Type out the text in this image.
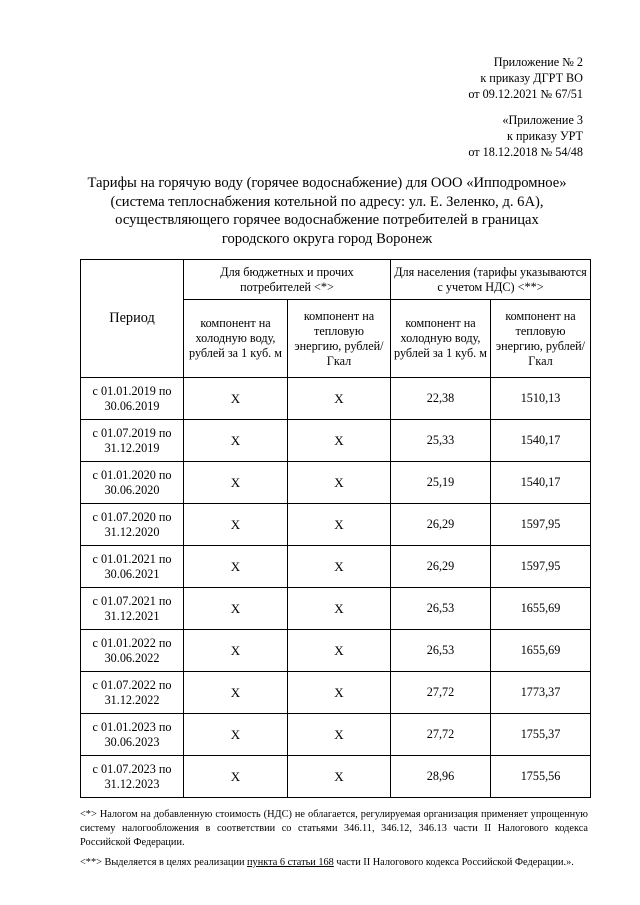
Приложение № 2
к приказу ДГРТ ВО
от 09.12.2021 № 67/51
«Приложение 3
к приказу УРТ
от 18.12.2018 № 54/48
Тарифы на горячую воду (горячее водоснабжение) для ООО «Ипподромное»
(система теплоснабжения котельной по адресу: ул. Е. Зеленко, д. 6А),
осуществляющего горячее водоснабжение потребителей в границах
городского округа город Воронеж
Период	Для бюджетных и прочих потребителей <*>		Для населения (тарифы указываются с учетом НДС) <**>	
	компонент на холодную воду, рублей за 1 куб. м	компонент на тепловую энергию, рублей/Гкал	компонент на холодную воду, рублей за 1 куб. м	компонент на тепловую энергию, рублей/Гкал
с 01.01.2019 по 30.06.2019	Х	Х	22,38	1510,13
с 01.07.2019 по 31.12.2019	Х	Х	25,33	1540,17
с 01.01.2020 по 30.06.2020	Х	Х	25,19	1540,17
с 01.07.2020 по 31.12.2020	Х	Х	26,29	1597,95
с 01.01.2021 по 30.06.2021	Х	Х	26,29	1597,95
с 01.07.2021 по 31.12.2021	Х	Х	26,53	1655,69
с 01.01.2022 по 30.06.2022	Х	Х	26,53	1655,69
с 01.07.2022 по 31.12.2022	Х	Х	27,72	1773,37
с 01.01.2023 по 30.06.2023	Х	Х	27,72	1755,37
с 01.07.2023 по 31.12.2023	Х	Х	28,96	1755,56
<*> Налогом на добавленную стоимость (НДС) не облагается, регулируемая организация применяет упрощенную систему налогообложения в соответствии со статьями 346.11, 346.12, 346.13 части II Налогового кодекса Российской Федерации.
<**> Выделяется в целях реализации пункта 6 статьи 168 части II Налогового кодекса Российской Федерации.».
